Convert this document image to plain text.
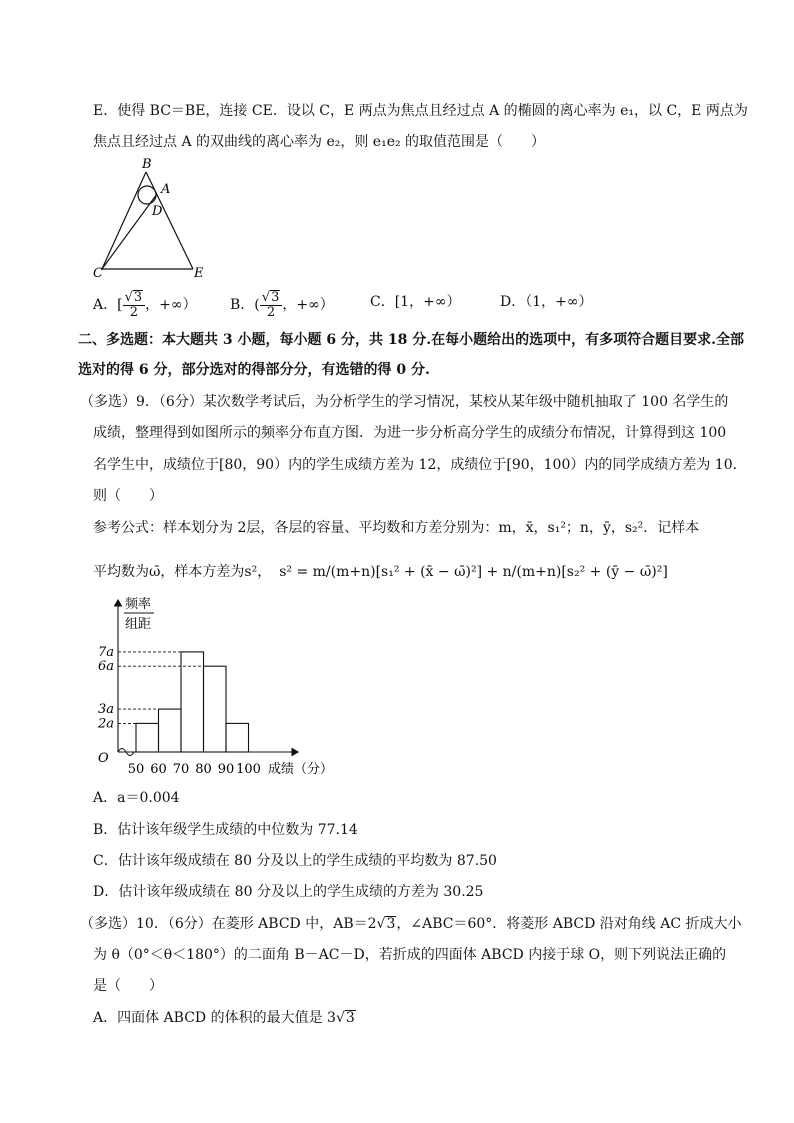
E．使得 BC＝BE，连接 CE．设以 C，E 两点为焦点且经过点 A 的椭圆的离心率为 e₁，以 C，E 两点为
焦点且经过点 A 的双曲线的离心率为 e₂，则 e₁e₂ 的取值范围是（　　）
B
A
D
C	E
A．[ $\frac{√3}{2}$ ，+∞） B．( $\frac{√3}{2}$ ，+∞）	C．[1，+∞）	D．（1，+∞）
二、多选题：本大题共 3 小题，每小题 6 分，共 18 分.在每小题给出的选项中，有多项符合题目要求.全部
选对的得 6 分，部分选对的得部分分，有选错的得 0 分.
（多选）9．（6分）某次数学考试后，为分析学生的学习情况，某校从某年级中随机抽取了 100 名学生的
成绩，整理得到如图所示的频率分布直方图．为进一步分析高分学生的成绩分布情况，计算得到这 100
名学生中，成绩位于[80，90）内的学生成绩方差为 12，成绩位于[90，100）内的同学成绩方差为 10．
则（　　）
参考公式：样本划分为 2层，各层的容量、平均数和方差分别为：m，x̄，s₁²；n，ȳ，s₂²．记样本
平均数为ω̄，样本方差为s²， s² = m/(m+n)[s₁² + (x̄ − ω̄)²] + n/(m+n)[s₂² + (ȳ − ω̄)²]
频率
组距
O
成绩（分）
7a
6a
3a
2a
50 60 70 80 90 100
A．a＝0.004
B．估计该年级学生成绩的中位数为 77.14
C．估计该年级成绩在 80 分及以上的学生成绩的平均数为 87.50
D．估计该年级成绩在 80 分及以上的学生成绩的方差为 30.25
（多选）10．（6分）在菱形 ABCD 中，AB＝2√3，∠ABC＝60°．将菱形 ABCD 沿对角线 AC 折成大小
为 θ（0°＜θ＜180°）的二面角 B－AC－D，若折成的四面体 ABCD 内接于球 O，则下列说法正确的
是（　　）
A．四面体 ABCD 的体积的最大值是 3√3
